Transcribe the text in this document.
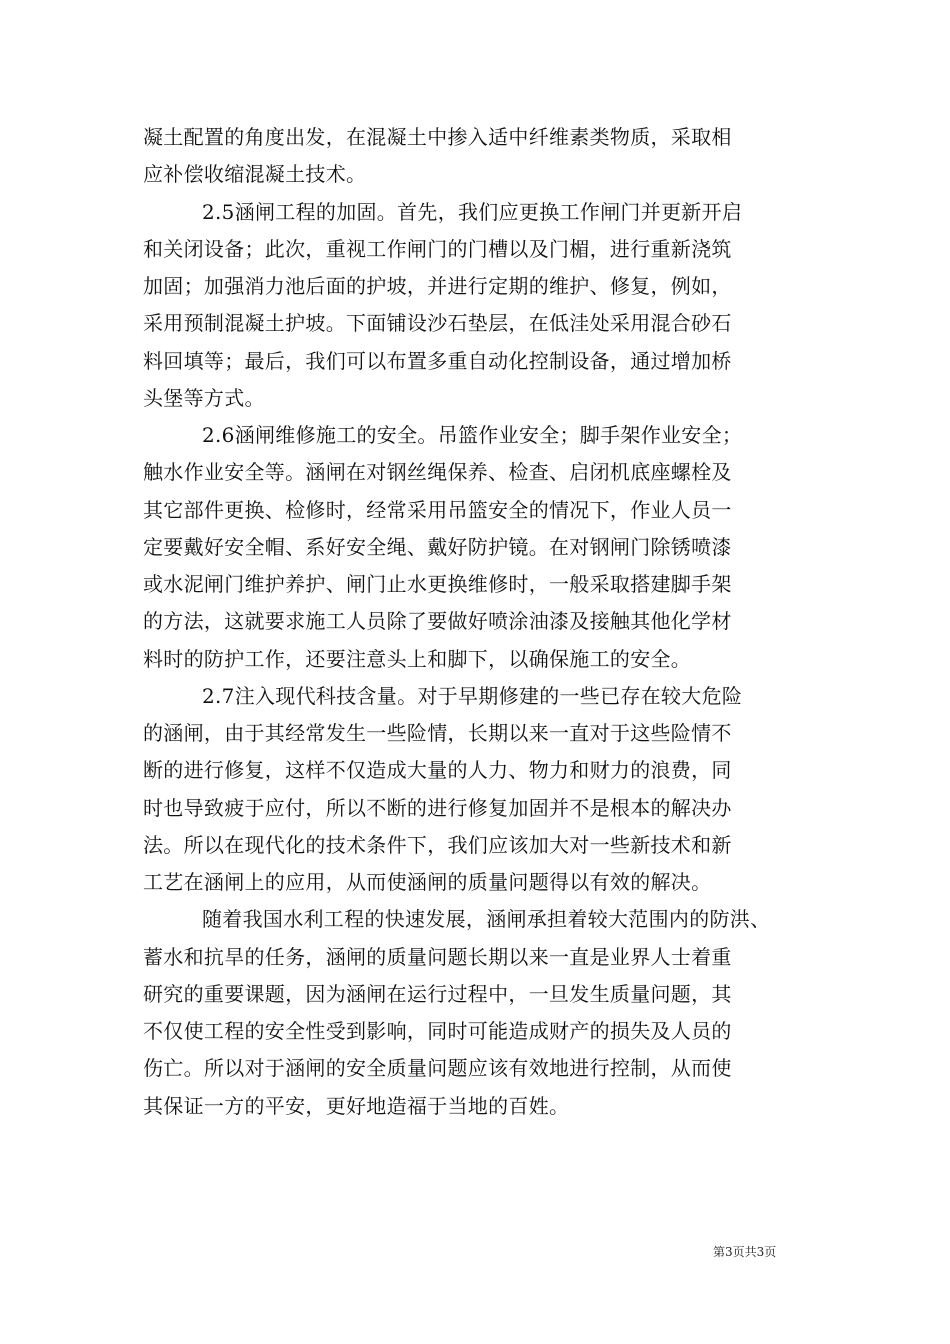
凝土配置的角度出发，在混凝土中掺入适中纤维素类物质，采取相
应补偿收缩混凝土技术。
2.5涵闸工程的加固。首先，我们应更换工作闸门并更新开启
和关闭设备；此次，重视工作闸门的门槽以及门楣，进行重新浇筑
加固；加强消力池后面的护坡，并进行定期的维护、修复，例如，
采用预制混凝土护坡。下面铺设沙石垫层，在低洼处采用混合砂石
料回填等；最后，我们可以布置多重自动化控制设备，通过增加桥
头堡等方式。
2.6涵闸维修施工的安全。吊篮作业安全；脚手架作业安全；
触水作业安全等。涵闸在对钢丝绳保养、检查、启闭机底座螺栓及
其它部件更换、检修时，经常采用吊篮安全的情况下，作业人员一
定要戴好安全帽、系好安全绳、戴好防护镜。在对钢闸门除锈喷漆
或水泥闸门维护养护、闸门止水更换维修时，一般采取搭建脚手架
的方法，这就要求施工人员除了要做好喷涂油漆及接触其他化学材
料时的防护工作，还要注意头上和脚下，以确保施工的安全。
2.7注入现代科技含量。对于早期修建的一些已存在较大危险
的涵闸，由于其经常发生一些险情，长期以来一直对于这些险情不
断的进行修复，这样不仅造成大量的人力、物力和财力的浪费，同
时也导致疲于应付，所以不断的进行修复加固并不是根本的解决办
法。所以在现代化的技术条件下，我们应该加大对一些新技术和新
工艺在涵闸上的应用，从而使涵闸的质量问题得以有效的解决。
随着我国水利工程的快速发展，涵闸承担着较大范围内的防洪、
蓄水和抗旱的任务，涵闸的质量问题长期以来一直是业界人士着重
研究的重要课题，因为涵闸在运行过程中，一旦发生质量问题，其
不仅使工程的安全性受到影响，同时可能造成财产的损失及人员的
伤亡。所以对于涵闸的安全质量问题应该有效地进行控制，从而使
其保证一方的平安，更好地造福于当地的百姓。
第3页共3页
